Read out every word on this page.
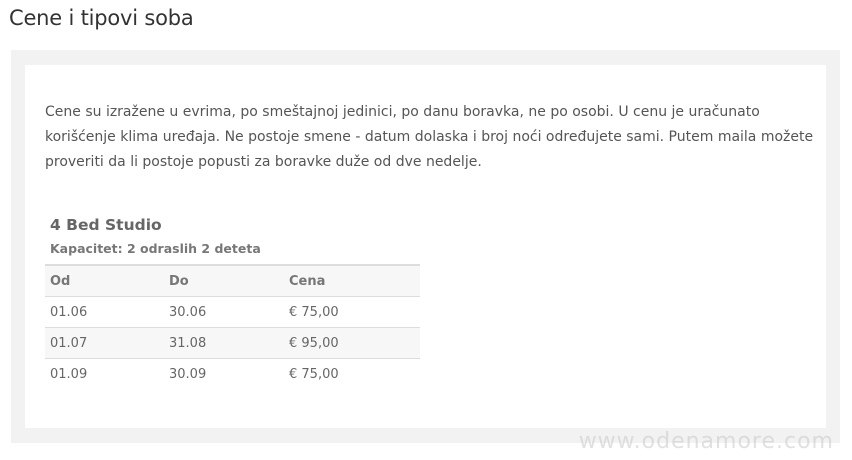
Cene i tipovi soba

Cene su izražene u evrima, po smeštajnoj jedinici, po danu boravka, ne po osobi. U cenu je uračunato korišćenje klima uređaja. Ne postoje smene - datum dolaska i broj noći određujete sami. Putem maila možete proveriti da li postoje popusti za boravke duže od dve nedelje.

4 Bed Studio
Kapacitet: 2 odraslih 2 deteta
Od	Do	Cena
01.06	30.06	€ 75,00
01.07	31.08	€ 95,00
01.09	30.09	€ 75,00
www.odenamore.com
